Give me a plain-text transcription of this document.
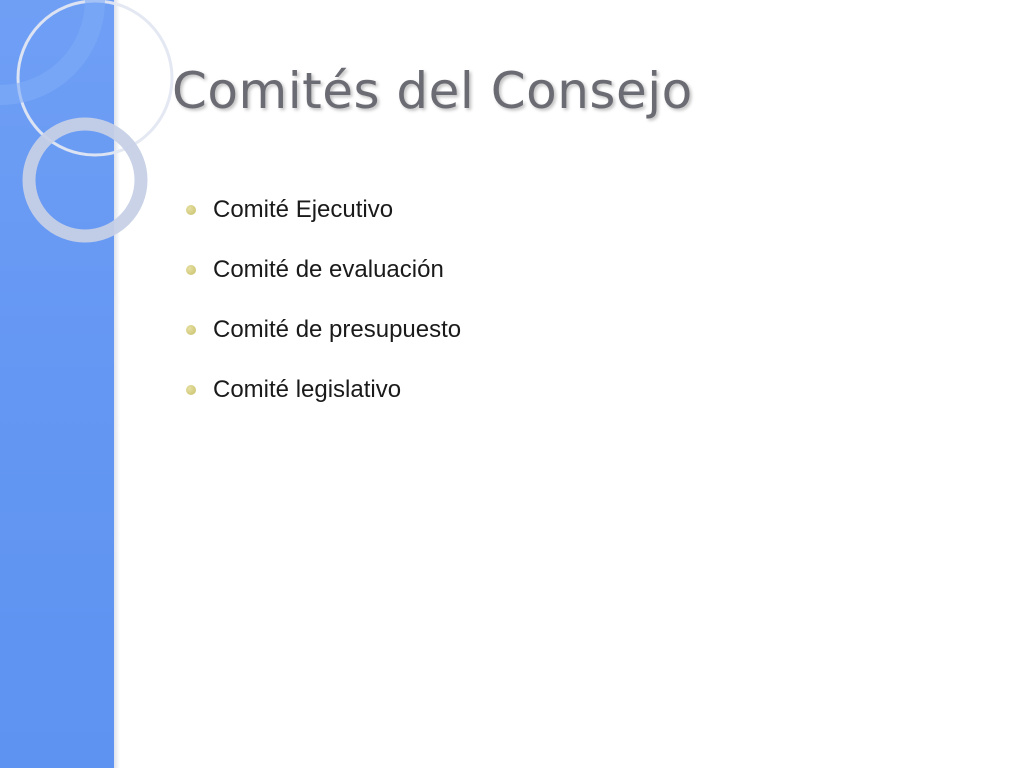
Comités del Consejo
Comité Ejecutivo
Comité de evaluación
Comité de presupuesto
Comité legislativo
